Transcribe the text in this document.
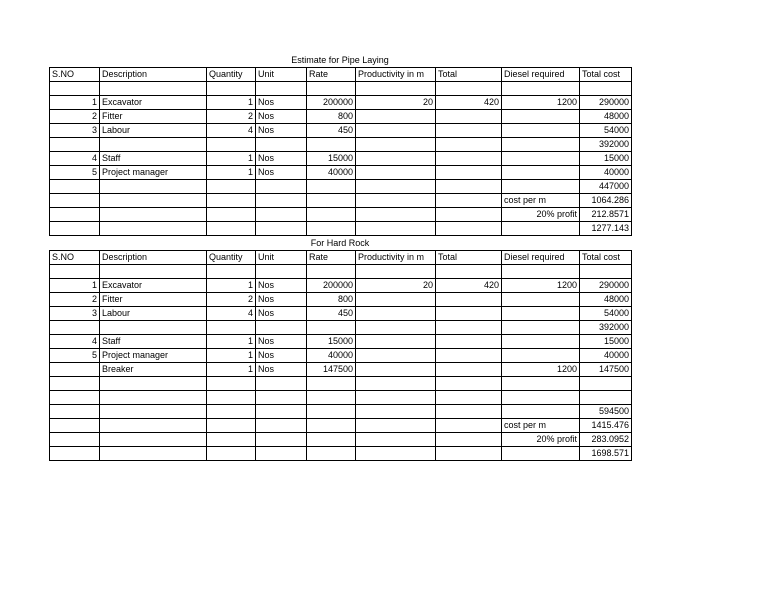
Estimate for Pipe Laying
S.NO	Description	Quantity	Unit	Rate	Productivity in m	Total	Diesel required	Total cost

1	Excavator	1	Nos	200000	20	420	1200	290000
2	Fitter	2	Nos	800				48000
3	Labour	4	Nos	450				54000
								392000
4	Staff	1	Nos	15000				15000
5	Project manager	1	Nos	40000				40000
								447000
							cost per m	1064.286
							20% profit	212.8571
								1277.143
For Hard Rock
S.NO	Description	Quantity	Unit	Rate	Productivity in m	Total	Diesel required	Total cost

1	Excavator	1	Nos	200000	20	420	1200	290000
2	Fitter	2	Nos	800				48000
3	Labour	4	Nos	450				54000
								392000
4	Staff	1	Nos	15000				15000
5	Project manager	1	Nos	40000				40000
	Breaker	1	Nos	147500			1200	147500

								594500
							cost per m	1415.476
							20% profit	283.0952
								1698.571
